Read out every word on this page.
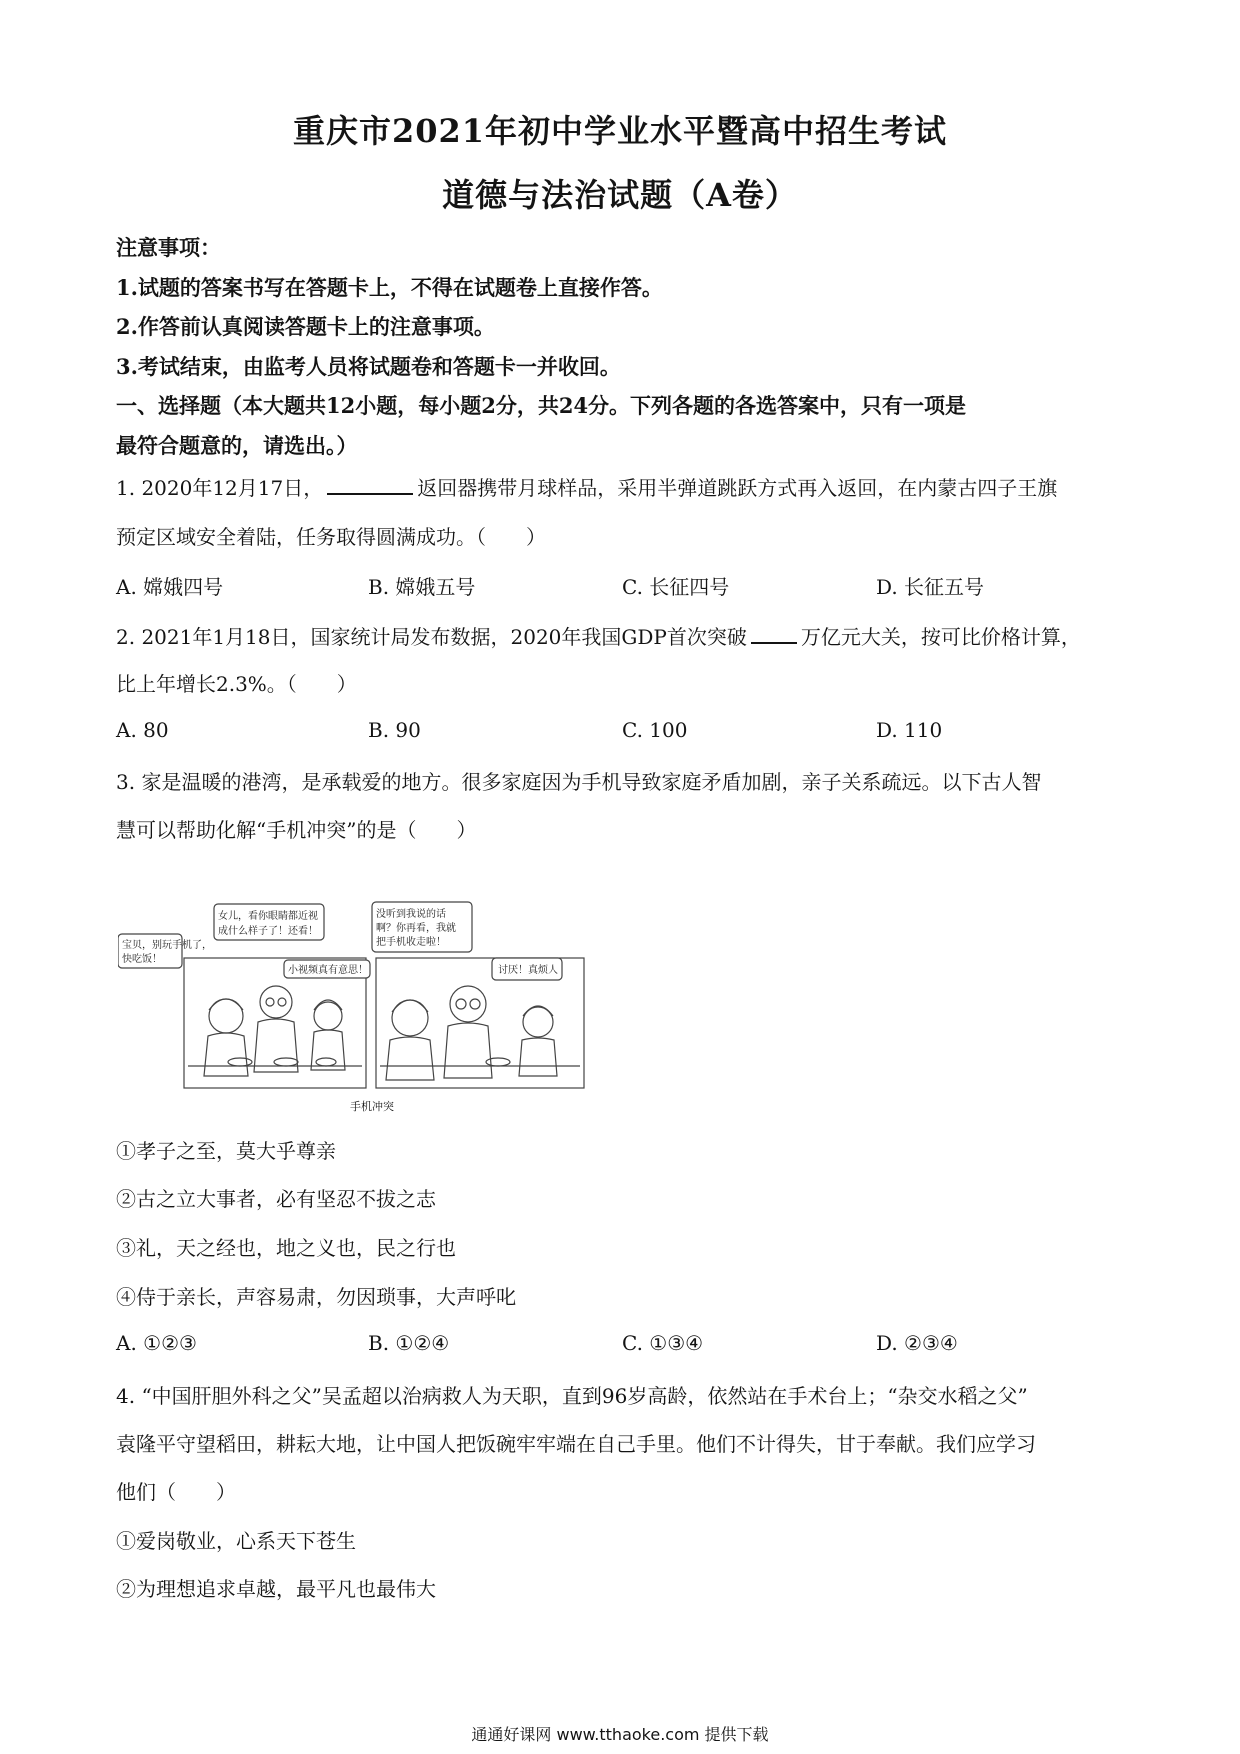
重庆市2021年初中学业水平暨高中招生考试
道德与法治试题（A卷）
注意事项：
1.试题的答案书写在答题卡上，不得在试题卷上直接作答。
2.作答前认真阅读答题卡上的注意事项。
3.考试结束，由监考人员将试题卷和答题卡一并收回。
一、选择题（本大题共12小题，每小题2分，共24分。下列各题的各选答案中，只有一项是
最符合题意的，请选出。）
1. 2020年12月17日，	返回器携带月球样品，采用半弹道跳跃方式再入返回，在内蒙古四子王旗
预定区域安全着陆，任务取得圆满成功。（　　）
A. 嫦娥四号	B. 嫦娥五号	C. 长征四号	D. 长征五号
2. 2021年1月18日，国家统计局发布数据，2020年我国GDP首次突破	万亿元大关，按可比价格计算，
比上年增长2.3%。（　　）
A. 80	B. 90	C. 100	D. 110
3. 家是温暖的港湾，是承载爱的地方。很多家庭因为手机导致家庭矛盾加剧，亲子关系疏远。以下古人智
慧可以帮助化解“手机冲突”的是（　　）
宝贝，别玩手机了，
快吃饭！
女儿，看你眼睛都近视
成什么样子了！还看！
小视频真有意思！
没听到我说的话
啊？你再看，我就
把手机收走啦！
讨厌！真烦人
手机冲突
①孝子之至，莫大乎尊亲
②古之立大事者，必有坚忍不拔之志
③礼，天之经也，地之义也，民之行也
④侍于亲长，声容易肃，勿因琐事，大声呼叱
A. ①②③	B. ①②④	C. ①③④	D. ②③④
4. “中国肝胆外科之父”吴孟超以治病救人为天职，直到96岁高龄，依然站在手术台上；“杂交水稻之父”
袁隆平守望稻田，耕耘大地，让中国人把饭碗牢牢端在自己手里。他们不计得失，甘于奉献。我们应学习
他们（　　）
①爱岗敬业，心系天下苍生
②为理想追求卓越，最平凡也最伟大
通通好课网 www.tthaoke.com 提供下载
